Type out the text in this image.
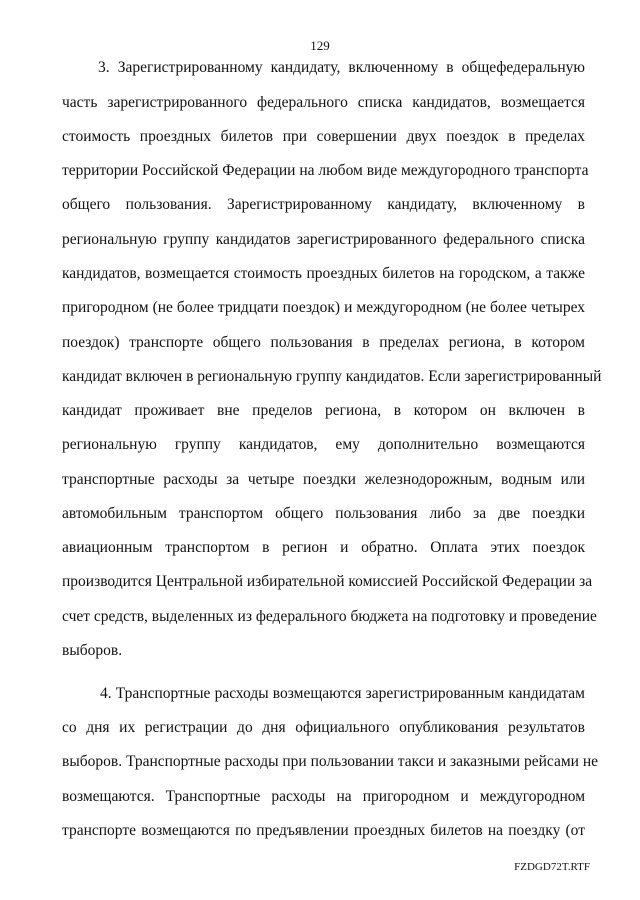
129
3. Зарегистрированному кандидату, включенному в общефедеральную
часть зарегистрированного федерального списка кандидатов, возмещается
стоимость проездных билетов при совершении двух поездок в пределах
территории Российской Федерации на любом виде междугородного транспорта
общего пользования. Зарегистрированному кандидату, включенному в
региональную группу кандидатов зарегистрированного федерального списка
кандидатов, возмещается стоимость проездных билетов на городском, а также
пригородном (не более тридцати поездок) и междугородном (не более четырех
поездок) транспорте общего пользования в пределах региона, в котором
кандидат включен в региональную группу кандидатов. Если зарегистрированный
кандидат проживает вне пределов региона, в котором он включен в
региональную группу кандидатов, ему дополнительно возмещаются
транспортные расходы за четыре поездки железнодорожным, водным или
автомобильным транспортом общего пользования либо за две поездки
авиационным транспортом в регион и обратно. Оплата этих поездок
производится Центральной избирательной комиссией Российской Федерации за
счет средств, выделенных из федерального бюджета на подготовку и проведение
выборов.
4. Транспортные расходы возмещаются зарегистрированным кандидатам
со дня их регистрации до дня официального опубликования результатов
выборов. Транспортные расходы при пользовании такси и заказными рейсами не
возмещаются. Транспортные расходы на пригородном и междугородном
транспорте возмещаются по предъявлении проездных билетов на поездку (от
FZDGD72T.RTF
